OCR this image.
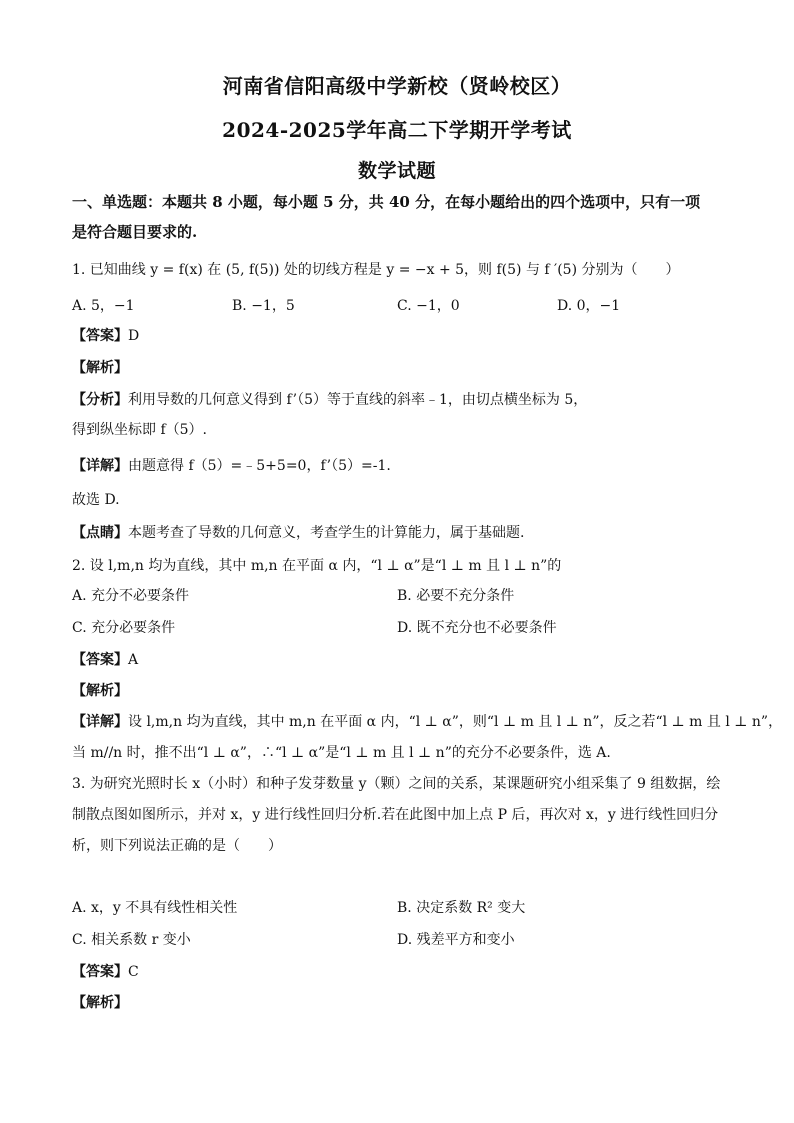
河南省信阳高级中学新校（贤岭校区）
2024-2025学年高二下学期开学考试
数学试题
一、单选题：本题共 8 小题，每小题 5 分，共 40 分，在每小题给出的四个选项中，只有一项
是符合题目要求的.
1. 已知曲线 y = f(x) 在 (5, f(5)) 处的切线方程是 y = −x + 5，则 f(5) 与 f ′(5) 分别为（　　）
A. 5，−1	B. −1，5	C. −1，0	D. 0，−1
【答案】D
【解析】
【分析】利用导数的几何意义得到 f’（5）等于直线的斜率﹣1，由切点横坐标为 5，
得到纵坐标即 f（5）.
【详解】由题意得 f（5）=﹣5+5=0，f’（5）=-1.
故选 D.
【点睛】本题考查了导数的几何意义，考查学生的计算能力，属于基础题.
2. 设 l,m,n 均为直线，其中 m,n 在平面 α 内，“l ⊥ α”是“l ⊥ m 且 l ⊥ n”的
A. 充分不必要条件	B. 必要不充分条件
C. 充分必要条件	D. 既不充分也不必要条件
【答案】A
【解析】
【详解】设 l,m,n 均为直线，其中 m,n 在平面 α 内，“l ⊥ α”，则“l ⊥ m 且 l ⊥ n”，反之若“l ⊥ m 且 l ⊥ n”，
当 m//n 时，推不出“l ⊥ α”，∴“l ⊥ α”是“l ⊥ m 且 l ⊥ n”的充分不必要条件，选 A.
3. 为研究光照时长 x（小时）和种子发芽数量 y（颗）之间的关系，某课题研究小组采集了 9 组数据，绘
制散点图如图所示，并对 x，y 进行线性回归分析.若在此图中加上点 P 后，再次对 x，y 进行线性回归分
析，则下列说法正确的是（　　）
A. x，y 不具有线性相关性	B. 决定系数 R² 变大
C. 相关系数 r 变小	D. 残差平方和变小
【答案】C
【解析】
